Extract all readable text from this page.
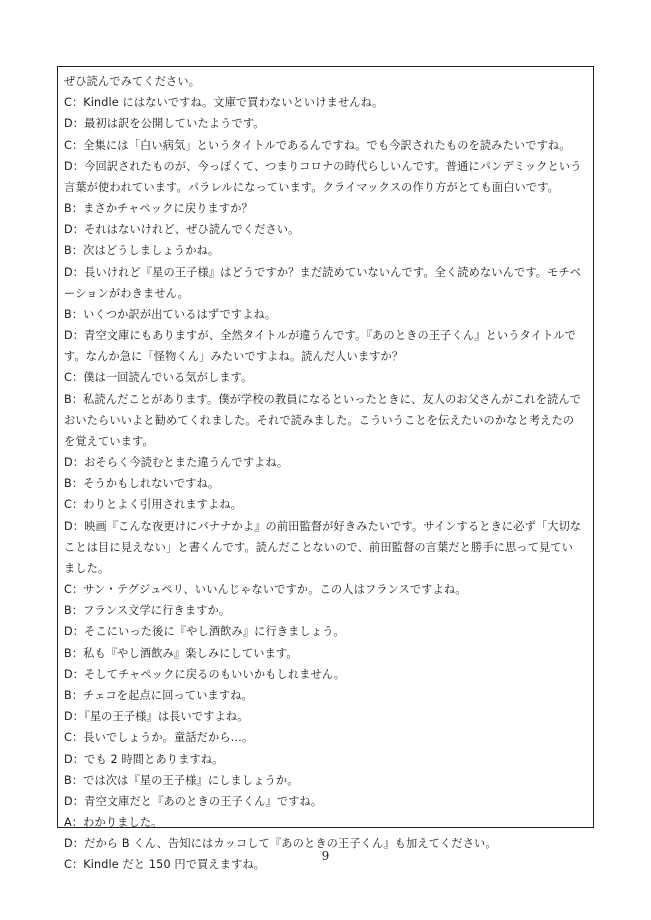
ぜひ読んでみてください。
C：Kindle にはないですね。文庫で買わないといけませんね。
D：最初は訳を公開していたようです。
C：全集には「白い病気」というタイトルであるんですね。でも今訳されたものを読みたいですね。
D：今回訳されたものが、今っぽくて、つまりコロナの時代らしいんです。普通にパンデミックという
言葉が使われています。パラレルになっています。クライマックスの作り方がとても面白いです。
B：まさかチャペックに戻りますか？
D：それはないけれど、ぜひ読んでください。
B：次はどうしましょうかね。
D：長いけれど『星の王子様』はどうですか？まだ読めていないんです。全く読めないんです。モチベ
ーションがわきません。
B：いくつか訳が出ているはずですよね。
D：青空文庫にもありますが、全然タイトルが違うんです。『あのときの王子くん』というタイトルで
す。なんか急に「怪物くん」みたいですよね。読んだ人いますか？
C：僕は一回読んでいる気がします。
B：私読んだことがあります。僕が学校の教員になるといったときに、友人のお父さんがこれを読んで
おいたらいいよと勧めてくれました。それで読みました。こういうことを伝えたいのかなと考えたの
を覚えています。
D：おそらく今読むとまた違うんですよね。
B：そうかもしれないですね。
C：わりとよく引用されますよね。
D：映画『こんな夜更けにバナナかよ』の前田監督が好きみたいです。サインするときに必ず「大切な
ことは目に見えない」と書くんです。読んだことないので、前田監督の言葉だと勝手に思って見てい
ました。
C：サン・テグジュペリ、いいんじゃないですか。この人はフランスですよね。
B：フランス文学に行きますか。
D：そこにいった後に『やし酒飲み』に行きましょう。
B：私も『やし酒飲み』楽しみにしています。
D：そしてチャペックに戻るのもいいかもしれません。
B：チェコを起点に回っていますね。
D：『星の王子様』は長いですよね。
C：長いでしょうか。童話だから…。
D：でも 2 時間とありますね。
B：では次は『星の王子様』にしましょうか。
D：青空文庫だと『あのときの王子くん』ですね。
A：わかりました。
D：だから B くん、告知にはカッコして『あのときの王子くん』も加えてください。
C：Kindle だと 150 円で買えますね。
9
